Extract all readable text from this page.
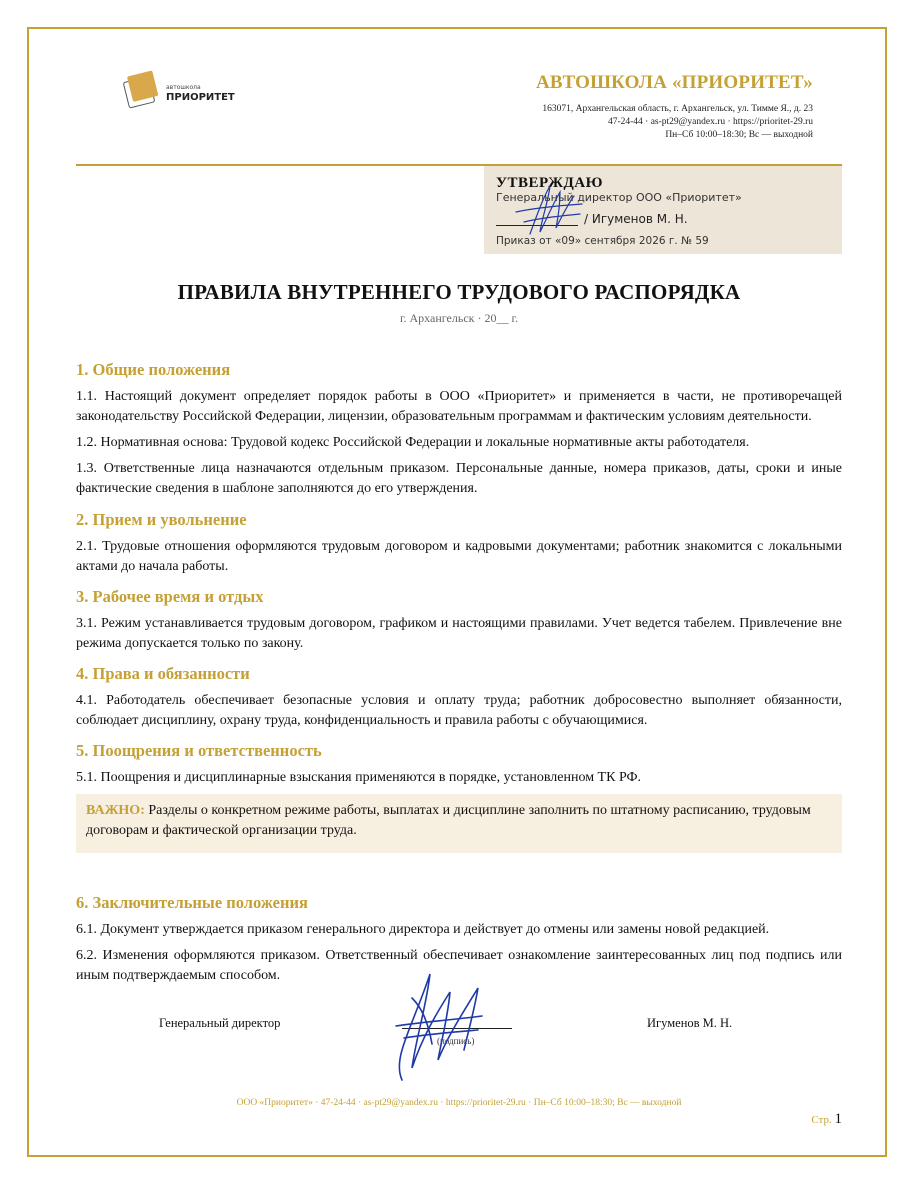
автошкола
ПРИОРИТЕТ
АВТОШКОЛА «ПРИОРИТЕТ»
163071, Архангельская область, г. Архангельск, ул. Тимме Я., д. 23
47-24-44 · as-pt29@yandex.ru · https://prioritet-29.ru
Пн–Сб 10:00–18:30; Вс — выходной
УТВЕРЖДАЮ
Генеральный директор ООО «Приоритет»
/ Игуменов М. Н.
Приказ от «09» сентября 2026 г. № 59
ПРАВИЛА ВНУТРЕННЕГО ТРУДОВОГО РАСПОРЯДКА
г. Архангельск · 20__ г.
1. Общие положения

1.1. Настоящий документ определяет порядок работы в ООО «Приоритет» и применяется в части, не противоречащей законодательству Российской Федерации, лицензии, образовательным программам и фактическим условиям деятельности.

1.2. Нормативная основа: Трудовой кодекс Российской Федерации и локальные нормативные акты работодателя.

1.3. Ответственные лица назначаются отдельным приказом. Персональные данные, номера приказов, даты, сроки и иные фактические сведения в шаблоне заполняются до его утверждения.

2. Прием и увольнение

2.1. Трудовые отношения оформляются трудовым договором и кадровыми документами; работник знакомится с локальными актами до начала работы.

3. Рабочее время и отдых

3.1. Режим устанавливается трудовым договором, графиком и настоящими правилами. Учет ведется табелем. Привлечение вне режима допускается только по закону.

4. Права и обязанности

4.1. Работодатель обеспечивает безопасные условия и оплату труда; работник добросовестно выполняет обязанности, соблюдает дисциплину, охрану труда, конфиденциальность и правила работы с обучающимися.

5. Поощрения и ответственность

5.1. Поощрения и дисциплинарные взыскания применяются в порядке, установленном ТК РФ.

ВАЖНО: Разделы о конкретном режиме работы, выплатах и дисциплине заполнить по штатному расписанию, трудовым договорам и фактической организации труда.
6. Заключительные положения

6.1. Документ утверждается приказом генерального директора и действует до отмены или замены новой редакцией.

6.2. Изменения оформляются приказом. Ответственный обеспечивает ознакомление заинтересованных лиц под подпись или иным подтверждаемым способом.

Генеральный директор
(подпись)
Игуменов М. Н.
ООО «Приоритет» · 47-24-44 · as-pt29@yandex.ru · https://prioritet-29.ru · Пн–Сб 10:00–18:30; Вс — выходной
Стр. 1
